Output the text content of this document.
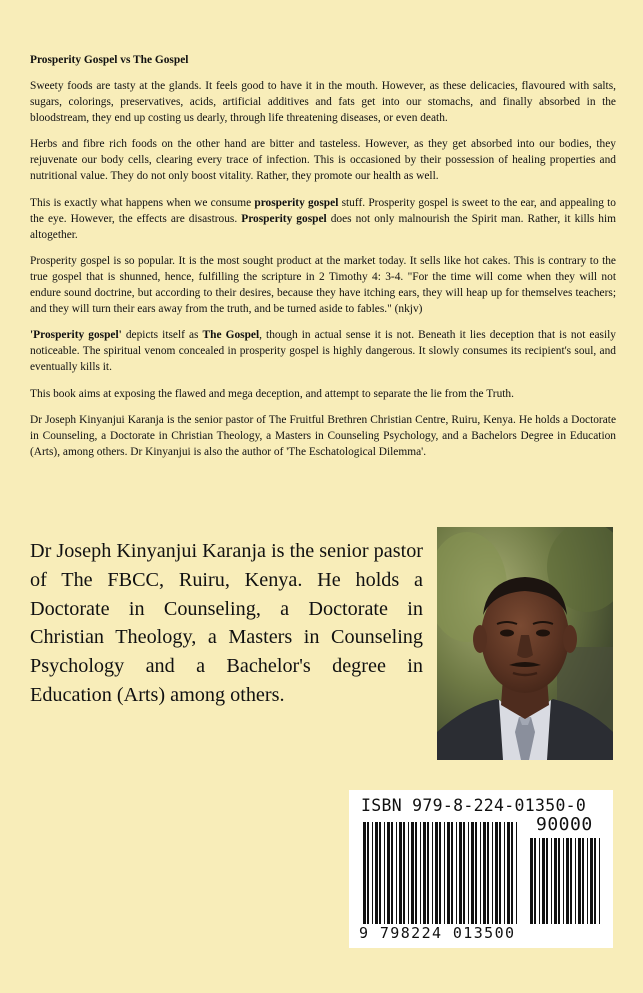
Prosperity Gospel vs The Gospel

Sweety foods are tasty at the glands. It feels good to have it in the mouth. However, as these delicacies, flavoured with salts, sugars, colorings, preservatives, acids, artificial additives and fats get into our stomachs, and finally absorbed in the bloodstream, they end up costing us dearly, through life threatening diseases, or even death.

Herbs and fibre rich foods on the other hand are bitter and tasteless. However, as they get absorbed into our bodies, they rejuvenate our body cells, clearing every trace of infection. This is occasioned by their possession of healing properties and nutritional value. They do not only boost vitality. Rather, they promote our health as well.

This is exactly what happens when we consume prosperity gospel stuff. Prosperity gospel is sweet to the ear, and appealing to the eye. However, the effects are disastrous. Prosperity gospel does not only malnourish the Spirit man. Rather, it kills him altogether.

Prosperity gospel is so popular. It is the most sought product at the market today. It sells like hot cakes. This is contrary to the true gospel that is shunned, hence, fulfilling the scripture in 2 Timothy 4: 3-4. "For the time will come when they will not endure sound doctrine, but according to their desires, because they have itching ears, they will heap up for themselves teachers; and they will turn their ears away from the truth, and be turned aside to fables." (nkjv)

'Prosperity gospel' depicts itself as The Gospel, though in actual sense it is not. Beneath it lies deception that is not easily noticeable. The spiritual venom concealed in prosperity gospel is highly dangerous. It slowly consumes its recipient's soul, and eventually kills it.

This book aims at exposing the flawed and mega deception, and attempt to separate the lie from the Truth.

Dr Joseph Kinyanjui Karanja is the senior pastor of The Fruitful Brethren Christian Centre, Ruiru, Kenya. He holds a Doctorate in Counseling, a Doctorate in Christian Theology, a Masters in Counseling Psychology, and a Bachelors Degree in Education (Arts), among others. Dr Kinyanjui is also the author of 'The Eschatological Dilemma'.

Dr Joseph Kinyanjui Karanja is the senior pastor of The FBCC, Ruiru, Kenya. He holds a Doctorate in Counseling, a Doctorate in Christian Theology, a Masters in Counseling Psychology and a Bachelor's degree in Education (Arts) among others.

ISBN 979-8-224-01350-0
90000
9 798224 013500
